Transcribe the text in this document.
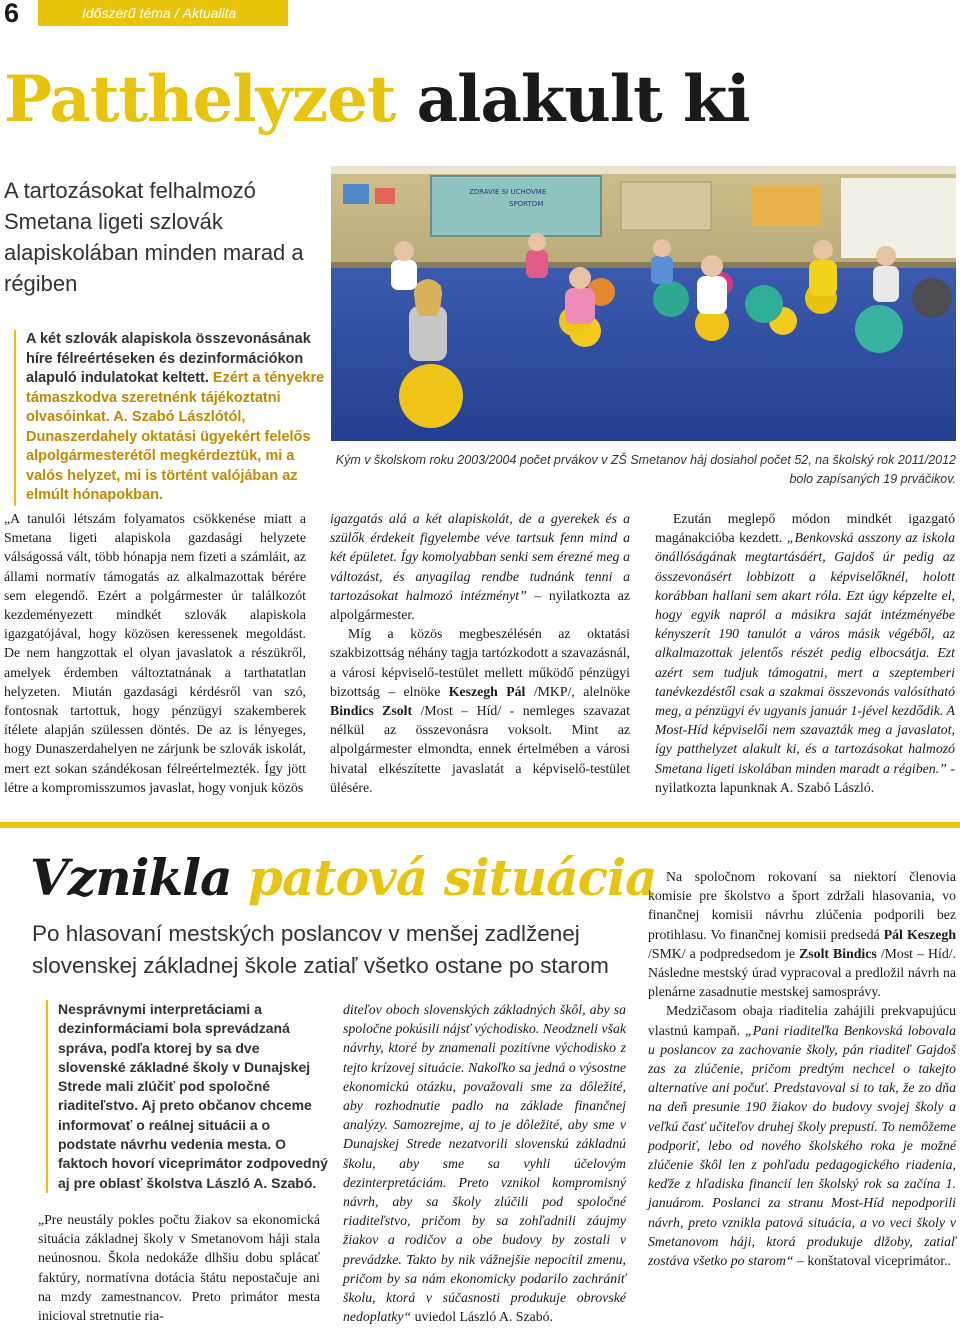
6	Időszerű téma / Aktualita
Patthelyzet alakult ki
A tartozásokat felhalmozó Smetana ligeti szlovák alapiskolában minden marad a régiben
A két szlovák alapiskola összevonásának híre félreértéseken és dezinformációkon alapuló indulatokat keltett. Ezért a tényekre támaszkodva szeretnénk tájékoztatni olvasóinkat. A. Szabó Lászlótól, Dunaszerdahely oktatási ügyekért felelős alpolgármesterétől megkérdeztük, mi a valós helyzet, mi is történt valójában az elmúlt hónapokban.
ZDRAVIE SI UCHOVME
SPORTOM
Kým v školskom roku 2003/2004 počet prvákov v ZŠ Smetanov háj dosiahol počet 52, na školský rok 2011/2012 bolo zapísaných 19 prváčikov.
„A tanulói létszám folyamatos csökkenése miatt a Smetana ligeti alapiskola gazdasági helyzete válságossá vált, több hónapja nem fizeti a számláit, az állami normatív támogatás az alkalmazottak bérére sem elegendő. Ezért a polgármester úr találkozót kezdeményezett mindkét szlovák alapiskola igazgatójával, hogy közösen keressenek megoldást. De nem hangzottak el olyan javaslatok a részükről, amelyek érdemben változtatnának a tarthatatlan helyzeten. Miután gazdasági kérdésről van szó, fontosnak tartottuk, hogy pénzügyi szakemberek ítélete alapján szülessen döntés. De az is lényeges, hogy Dunaszerdahelyen ne zárjunk be szlovák iskolát, mert ezt sokan szándékosan félreértelmezték. Így jött létre a kompromisszumos javaslat, hogy vonjuk közös

igazgatás alá a két alapiskolát, de a gyerekek és a szülők érdekeit figyelembe véve tartsuk fenn mind a két épületet. Így komolyabban senki sem érezné meg a változást, és anyagilag rendbe tudnánk tenni a tartozásokat halmozó intézményt” – nyilatkozta az alpolgármester.

Míg a közös megbeszélésén az oktatási szakbizottság néhány tagja tartózkodott a szavazásnál, a városi képviselő-testület mellett működő pénzügyi bizottság – elnöke Keszegh Pál /MKP/, alelnöke Bindics Zsolt /Most – Híd/ - nemleges szavazat nélkül az összevonásra voksolt. Mint az alpolgármester elmondta, ennek értelmében a városi hivatal elkészítette javaslatát a képviselő-testület ülésére.

Ezután meglepő módon mindkét igazgató magánakcióba kezdett. „Benkovská asszony az iskola önállóságának megtartásáért, Gajdoš úr pedig az összevonásért lobbizott a képviselőknél, holott korábban hallani sem akart róla. Ezt úgy képzelte el, hogy egyik napról a másikra saját intézményébe kényszerít 190 tanulót a város másik végéből, az alkalmazottak jelentős részét pedig elbocsátja. Ezt azért sem tudjuk támogatni, mert a szeptemberi tanévkezdéstől csak a szakmai összevonás valósítható meg, a pénzügyi év ugyanis január 1-jével kezdődik. A Most-Híd képviselői nem szavazták meg a javaslatot, így patthelyzet alakult ki, és a tartozásokat halmozó Smetana ligeti iskolában minden maradt a régiben.” -nyilatkozta lapunknak A. Szabó László.

Vznikla patová situácia
Po hlasovaní mestských poslancov v menšej zadlženej slovenskej základnej škole zatiaľ všetko ostane po starom
Nesprávnymi interpretáciami a dezinformáciami bola sprevádzaná správa, podľa ktorej by sa dve slovenské základné školy v Dunajskej Strede mali zlúčiť pod spoločné riaditeľstvo. Aj preto občanov chceme informovať o reálnej situácii a o podstate návrhu vedenia mesta. O faktoch hovorí viceprimátor zodpovedný aj pre oblasť školstva László A. Szabó.
„Pre neustály pokles počtu žiakov sa ekonomická situácia základnej školy v Smetanovom háji stala neúnosnou. Škola nedokáže dlhšiu dobu splácať faktúry, normatívna dotácia štátu nepostačuje ani na mzdy zamestnancov. Preto primátor mesta inicioval stretnutie ria-

diteľov oboch slovenských základných škôl, aby sa spoločne pokúsili nájsť východisko. Neodzneli však návrhy, ktoré by znamenali pozitívne východisko z tejto krízovej situácie. Nakoľko sa jedná o výsostne ekonomickú otázku, považovali sme za dôležité, aby rozhodnutie padlo na základe finančnej analýzy. Samozrejme, aj to je dôležité, aby sme v Dunajskej Strede nezatvorili slovenskú základnú školu, aby sme sa vyhli účelovým dezinterpretáciám. Preto vznikol kompromisný návrh, aby sa školy zlúčili pod spoločné riaditeľstvo, pričom by sa zohľadnili záujmy žiakov a rodičov a obe budovy by zostali v prevádzke. Takto by nik vážnejšie nepocítil zmenu, pričom by sa nám ekonomicky podarilo zachrániť školu, ktorá v súčasnosti produkuje obrovské nedoplatky“ uviedol László A. Szabó.

Na spoločnom rokovaní sa niektorí členovia komisie pre školstvo a šport zdržali hlasovania, vo finančnej komisii návrhu zlúčenia podporili bez protihlasu. Vo finančnej komisii predsedá Pál Keszegh /SMK/ a podpredsedom je Zsolt Bindics /Most – Híd/. Následne mestský úrad vypracoval a predložil návrh na plenárne zasadnutie mestskej samosprávy.

Medzičasom obaja riaditelia zahájili prekvapujúcu vlastnú kampaň. „Pani riaditeľka Benkovská lobovala u poslancov za zachovanie školy, pán riaditeľ Gajdoš zas za zlúčenie, pričom predtým nechcel o takejto alternatíve ani počuť. Predstavoval si to tak, že zo dňa na deň presunie 190 žiakov do budovy svojej školy a veľkú časť učiteľov druhej školy prepustí. To nemôžeme podporiť, lebo od nového školského roka je možné zlúčenie škôl len z pohľadu pedagogického riadenia, keďže z hľadiska financií len školský rok sa začína 1. januárom. Poslanci za stranu Most-Híd nepodporili návrh, preto vznikla patová situácia, a vo veci školy v Smetanovom háji, ktorá produkuje dlžoby, zatiaľ zostáva všetko po starom“ – konštatoval viceprimátor..
